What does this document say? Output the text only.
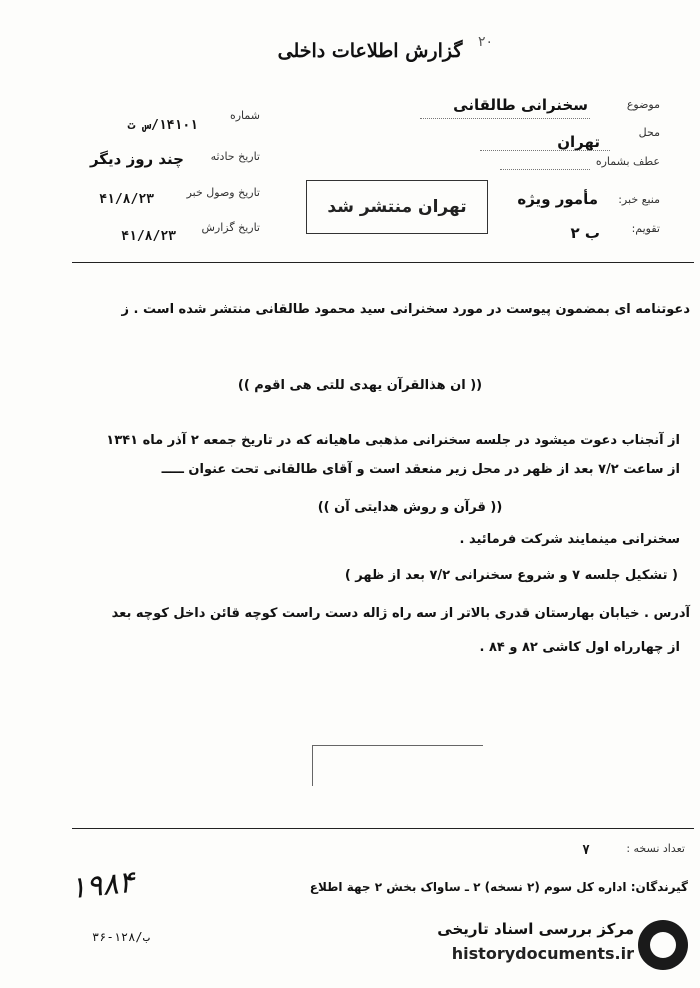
۲۰
گزارش اطلاعات داخلی
موضوع
سخنرانی طالقانی
محل
تهران
عطف بشماره
منبع خبر:
مأمور ویژه
تقویم:
ب ۲
تهران منتشر شد
شماره
۱۴۱۰۱/س ت
تاریخ حادثه
چند روز دیگر
تاریخ وصول خبر
۴۱/۸/۲۳
تاریخ گزارش
۴۱/۸/۲۳
دعوتنامه ای بمضمون پیوست در مورد سخنرانی سید محمود طالقانی منتشر شده است . ز
(( ان هذالقرآن یهدی للتی هی اقوم ))
از آنجناب دعوت میشود در جلسه سخنرانی مذهبی ماهیانه که در تاریخ جمعه ۲ آذر ماه ۱۳۴۱
از ساعت ۷/۲ بعد از ظهر در محل زیر منعقد است و آقای طالقانی تحت عنوان ـــــ
(( قرآن و روش هدایتی آن ))
سخنرانی مینمایند شرکت فرمائید .
( تشکیل جلسه ۷ و شروع سخنرانی ۷/۲ بعد از ظهر )
آدرس . خیابان بهارستان قدری بالاتر از سه راه ژاله دست راست کوچه قائن داخل کوچه بعد
از چهارراه اول کاشی ۸۲ و ۸۴ .
تعداد نسخه :
۷
گیرندگان: اداره کل سوم (۲ نسخه) ۲ ـ ساواک بخش ۲ جهة اطلاع
۱۹۸۴
ب/۱۲۸-۳۶	مرکز بررسی اسناد تاریخی
historydocuments.ir
